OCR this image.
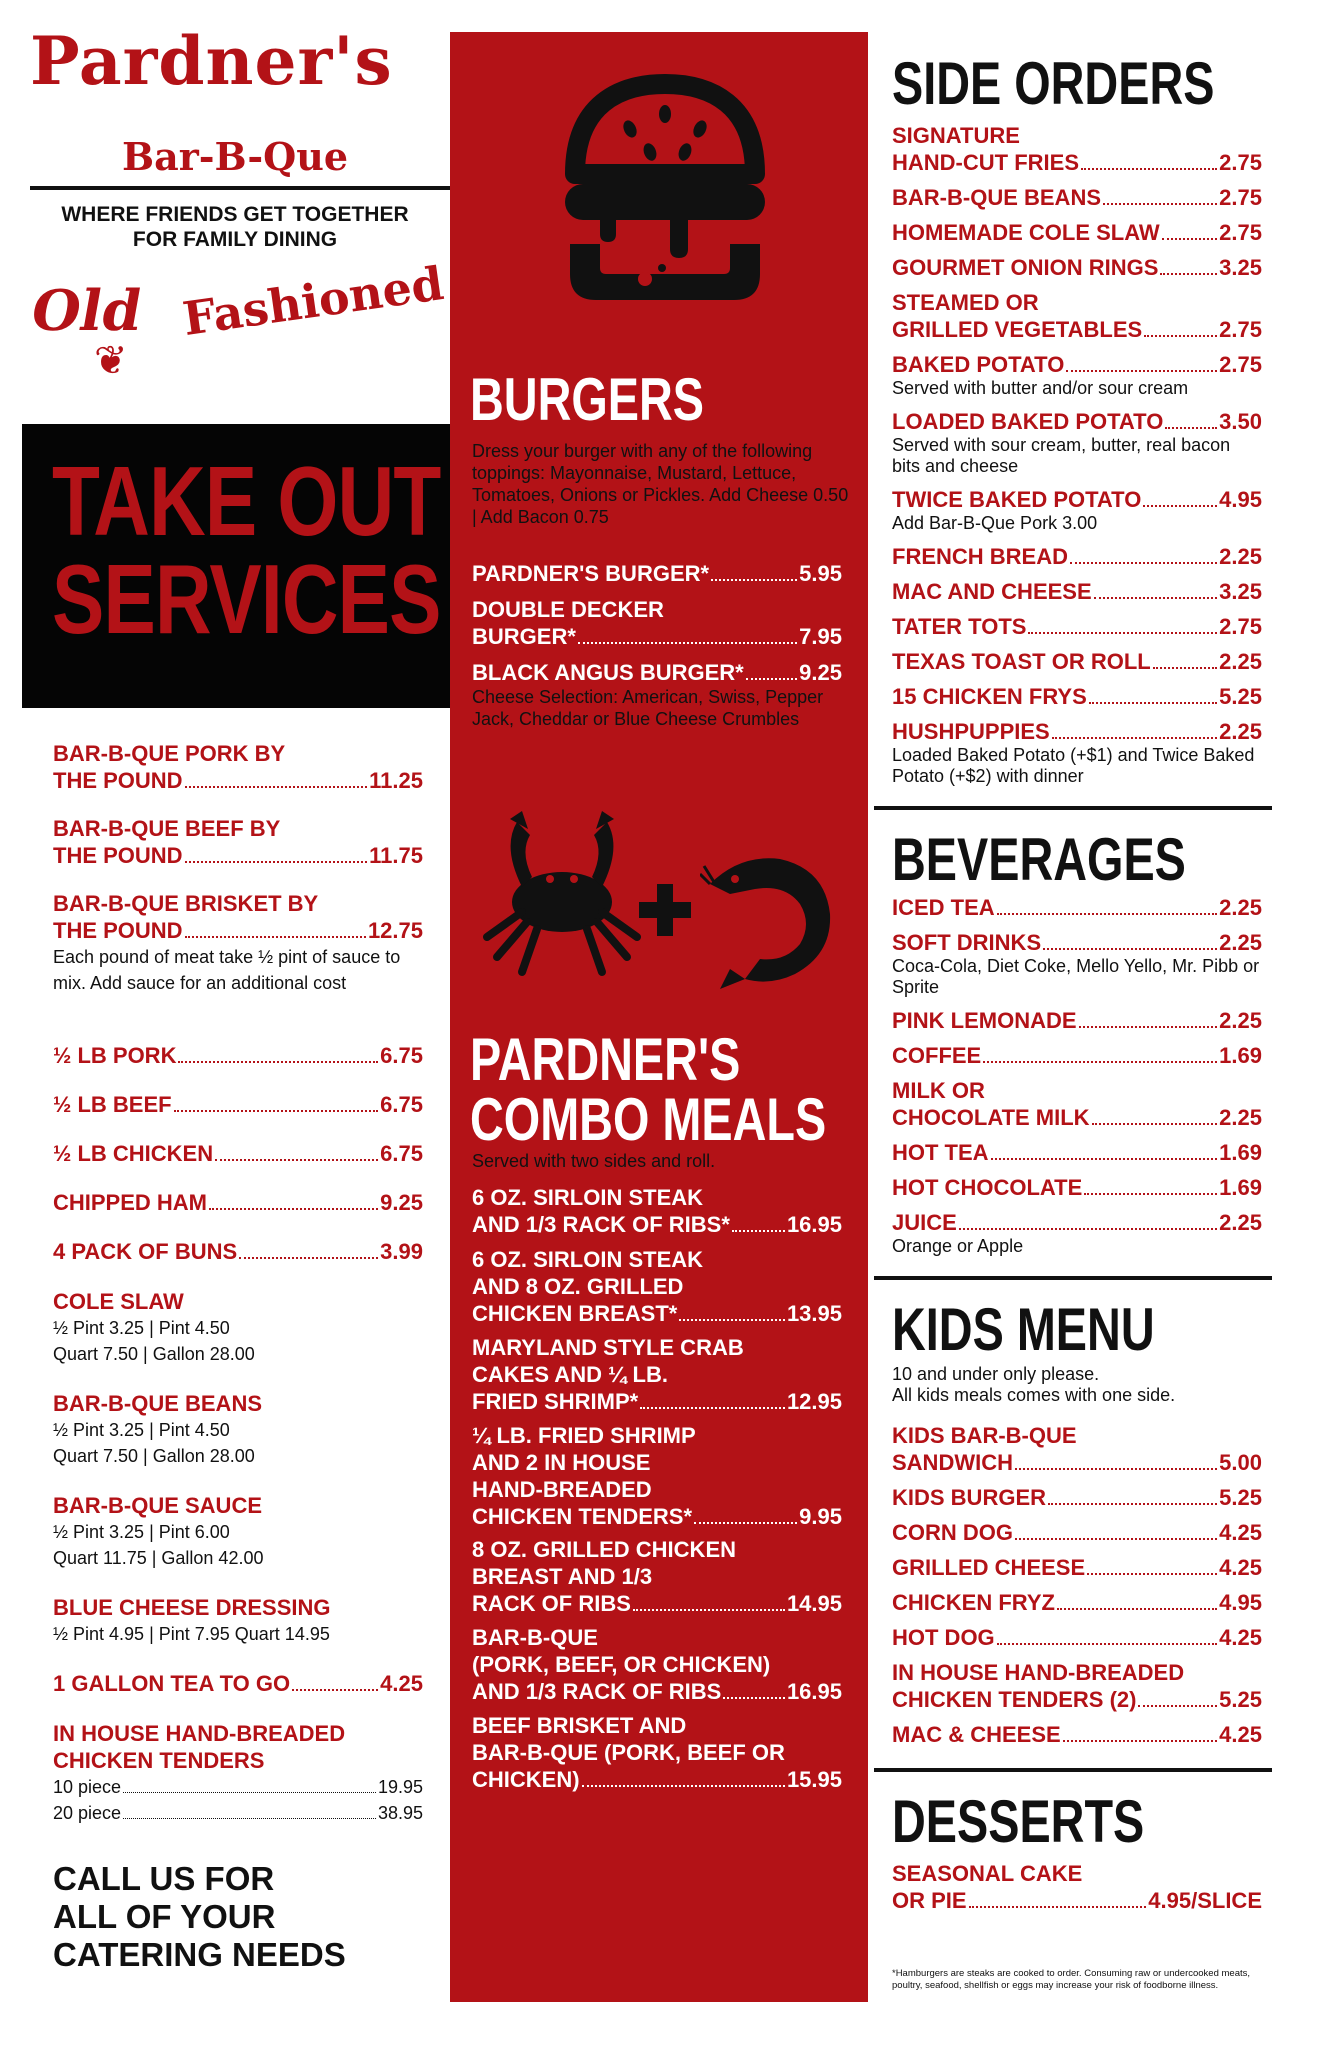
Pardner's
Bar-B-Que
WHERE FRIENDS GET TOGETHER
FOR FAMILY DINING
Old
❦
Fashioned
TAKE OUT
SERVICES
BAR-B-QUE PORK BY
THE POUND	11.25
BAR-B-QUE BEEF BY
THE POUND	11.75
BAR-B-QUE BRISKET BY
THE POUND	12.75
Each pound of meat take ½ pint of sauce to mix. Add sauce for an additional cost
½ LB PORK	6.75
½ LB BEEF	6.75
½ LB CHICKEN	6.75
CHIPPED HAM	9.25
4 PACK OF BUNS	3.99
COLE SLAW
½ Pint 3.25 | Pint 4.50
Quart 7.50 | Gallon 28.00
BAR-B-QUE BEANS
½ Pint 3.25 | Pint 4.50
Quart 7.50 | Gallon 28.00
BAR-B-QUE SAUCE
½ Pint 3.25 | Pint 6.00
Quart 11.75 | Gallon 42.00
BLUE CHEESE DRESSING
½ Pint 4.95 | Pint 7.95 Quart 14.95
1 GALLON TEA TO GO	4.25
IN HOUSE HAND-BREADED
CHICKEN TENDERS
10 piece	19.95
20 piece	38.95
CALL US FOR
ALL OF YOUR
CATERING NEEDS
BURGERS
Dress your burger with any of the following toppings: Mayonnaise, Mustard, Lettuce, Tomatoes, Onions or Pickles. Add Cheese 0.50 | Add Bacon 0.75
PARDNER'S BURGER*	5.95
DOUBLE DECKER
BURGER*	7.95
BLACK ANGUS BURGER*	9.25
Cheese Selection: American, Swiss, Pepper Jack, Cheddar or Blue Cheese Crumbles
PARDNER'S
COMBO MEALS
Served with two sides and roll.
6 OZ. SIRLOIN STEAK
AND 1/3 RACK OF RIBS*	16.95
6 OZ. SIRLOIN STEAK
AND 8 OZ. GRILLED
CHICKEN BREAST*	13.95
MARYLAND STYLE CRAB
CAKES AND ¼ LB.
FRIED SHRIMP*	12.95
¼ LB. FRIED SHRIMP
AND 2 IN HOUSE
HAND-BREADED
CHICKEN TENDERS*	9.95
8 OZ. GRILLED CHICKEN
BREAST AND 1/3
RACK OF RIBS	14.95
BAR-B-QUE
(PORK, BEEF, OR CHICKEN)
AND 1/3 RACK OF RIBS	16.95
BEEF BRISKET AND
BAR-B-QUE (PORK, BEEF OR
CHICKEN)	15.95
SIDE ORDERS
SIGNATURE
HAND-CUT FRIES	2.75
BAR-B-QUE BEANS	2.75
HOMEMADE COLE SLAW	2.75
GOURMET ONION RINGS	3.25
STEAMED OR
GRILLED VEGETABLES	2.75
BAKED POTATO	2.75
Served with butter and/or sour cream
LOADED BAKED POTATO	3.50
Served with sour cream, butter, real bacon bits and cheese
TWICE BAKED POTATO	4.95
Add Bar-B-Que Pork 3.00
FRENCH BREAD	2.25
MAC AND CHEESE	3.25
TATER TOTS	2.75
TEXAS TOAST OR ROLL	2.25
15 CHICKEN FRYS	5.25
HUSHPUPPIES	2.25
Loaded Baked Potato (+$1) and Twice Baked Potato (+$2) with dinner
BEVERAGES
ICED TEA	2.25
SOFT DRINKS	2.25
Coca-Cola, Diet Coke, Mello Yello, Mr. Pibb or Sprite
PINK LEMONADE	2.25
COFFEE	1.69
MILK OR
CHOCOLATE MILK	2.25
HOT TEA	1.69
HOT CHOCOLATE	1.69
JUICE	2.25
Orange or Apple
KIDS MENU
10 and under only please.
All kids meals comes with one side.
KIDS BAR-B-QUE
SANDWICH	5.00
KIDS BURGER	5.25
CORN DOG	4.25
GRILLED CHEESE	4.25
CHICKEN FRYZ	4.95
HOT DOG	4.25
IN HOUSE HAND-BREADED
CHICKEN TENDERS (2)	5.25
MAC & CHEESE	4.25
DESSERTS
SEASONAL CAKE
OR PIE	4.95/SLICE
*Hamburgers are steaks are cooked to order. Consuming raw or undercooked meats, poultry, seafood, shellfish or eggs may increase your risk of foodborne illness.
